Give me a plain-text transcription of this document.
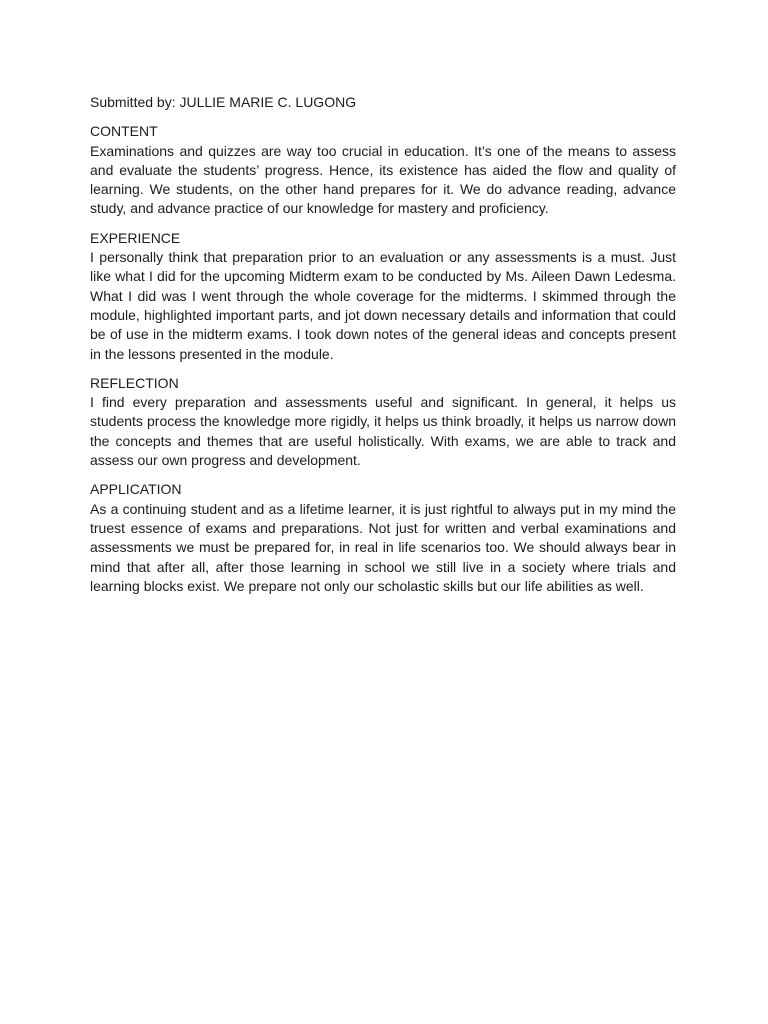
Submitted by: JULLIE MARIE C. LUGONG

CONTENT

Examinations and quizzes are way too crucial in education. It’s one of the means to assess and evaluate the students’ progress. Hence, its existence has aided the flow and quality of learning. We students, on the other hand prepares for it. We do advance reading, advance study, and advance practice of our knowledge for mastery and proficiency.

EXPERIENCE

I personally think that preparation prior to an evaluation or any assessments is a must. Just like what I did for the upcoming Midterm exam to be conducted by Ms. Aileen Dawn Ledesma. What I did was I went through the whole coverage for the midterms. I skimmed through the module, highlighted important parts, and jot down necessary details and information that could be of use in the midterm exams. I took down notes of the general ideas and concepts present in the lessons presented in the module.

REFLECTION

I find every preparation and assessments useful and significant. In general, it helps us students process the knowledge more rigidly, it helps us think broadly, it helps us narrow down the concepts and themes that are useful holistically. With exams, we are able to track and assess our own progress and development.

APPLICATION

As a continuing student and as a lifetime learner, it is just rightful to always put in my mind the truest essence of exams and preparations. Not just for written and verbal examinations and assessments we must be prepared for, in real in life scenarios too. We should always bear in mind that after all, after those learning in school we still live in a society where trials and learning blocks exist. We prepare not only our scholastic skills but our life abilities as well.
